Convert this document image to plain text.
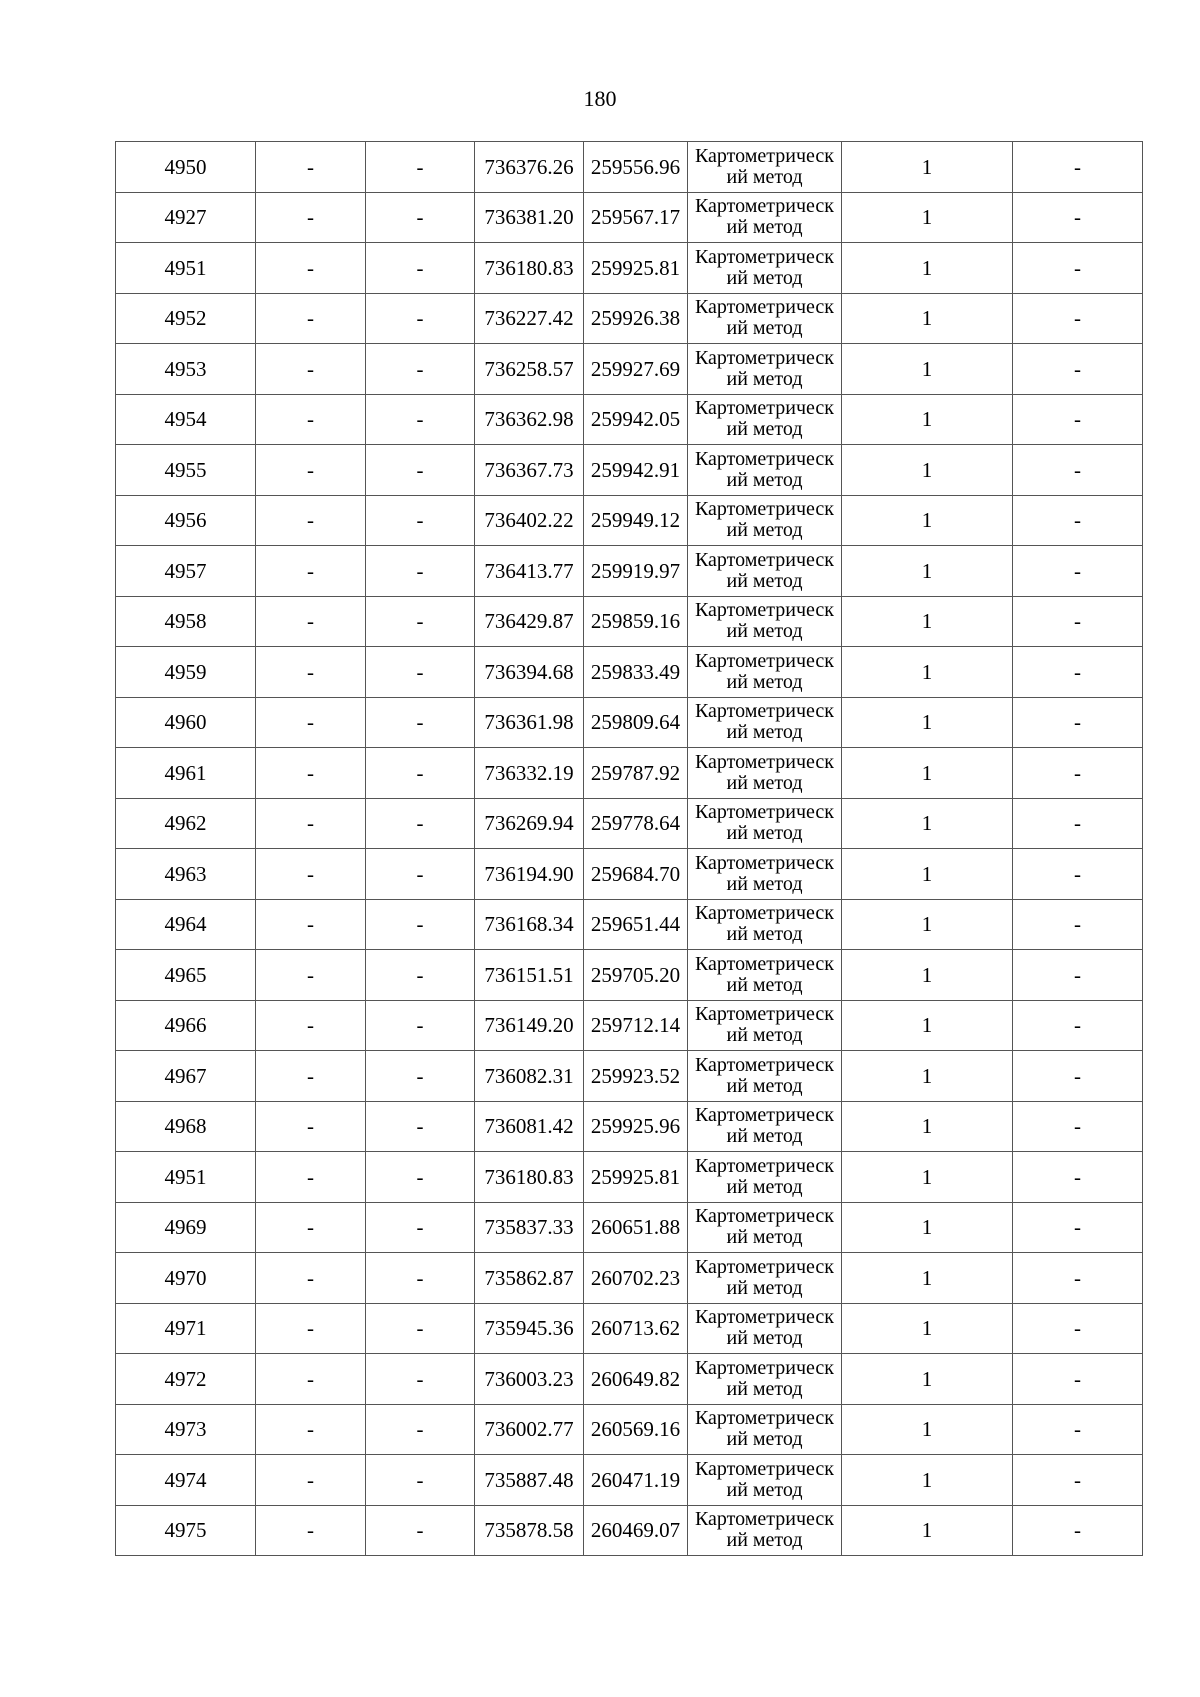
180
4950	-	-	736376.26	259556.96	Картометрический метод	1	-
4927	-	-	736381.20	259567.17	Картометрический метод	1	-
4951	-	-	736180.83	259925.81	Картометрический метод	1	-
4952	-	-	736227.42	259926.38	Картометрический метод	1	-
4953	-	-	736258.57	259927.69	Картометрический метод	1	-
4954	-	-	736362.98	259942.05	Картометрический метод	1	-
4955	-	-	736367.73	259942.91	Картометрический метод	1	-
4956	-	-	736402.22	259949.12	Картометрический метод	1	-
4957	-	-	736413.77	259919.97	Картометрический метод	1	-
4958	-	-	736429.87	259859.16	Картометрический метод	1	-
4959	-	-	736394.68	259833.49	Картометрический метод	1	-
4960	-	-	736361.98	259809.64	Картометрический метод	1	-
4961	-	-	736332.19	259787.92	Картометрический метод	1	-
4962	-	-	736269.94	259778.64	Картометрический метод	1	-
4963	-	-	736194.90	259684.70	Картометрический метод	1	-
4964	-	-	736168.34	259651.44	Картометрический метод	1	-
4965	-	-	736151.51	259705.20	Картометрический метод	1	-
4966	-	-	736149.20	259712.14	Картометрический метод	1	-
4967	-	-	736082.31	259923.52	Картометрический метод	1	-
4968	-	-	736081.42	259925.96	Картометрический метод	1	-
4951	-	-	736180.83	259925.81	Картометрический метод	1	-
4969	-	-	735837.33	260651.88	Картометрический метод	1	-
4970	-	-	735862.87	260702.23	Картометрический метод	1	-
4971	-	-	735945.36	260713.62	Картометрический метод	1	-
4972	-	-	736003.23	260649.82	Картометрический метод	1	-
4973	-	-	736002.77	260569.16	Картометрический метод	1	-
4974	-	-	735887.48	260471.19	Картометрический метод	1	-
4975	-	-	735878.58	260469.07	Картометрический метод	1	-
